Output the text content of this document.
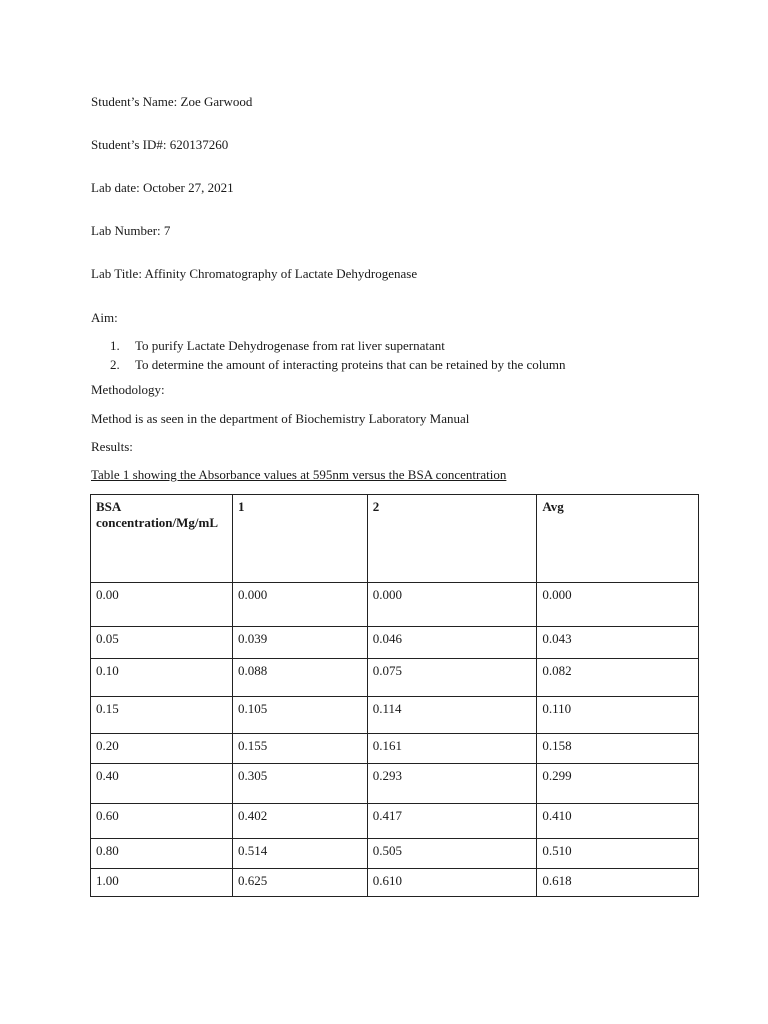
Student’s Name: Zoe Garwood
Student’s ID#: 620137260
Lab date: October 27, 2021
Lab Number: 7
Lab Title: Affinity Chromatography of Lactate Dehydrogenase
Aim:
1.	To purify Lactate Dehydrogenase from rat liver supernatant
2.	To determine the amount of interacting proteins that can be retained by the column
Methodology:
Method is as seen in the department of Biochemistry Laboratory Manual
Results:
Table 1 showing the Absorbance values at 595nm versus the BSA concentration
BSA concentration/Mg/mL	1	2	Avg
0.00	0.000	0.000	0.000
0.05	0.039	0.046	0.043
0.10	0.088	0.075	0.082
0.15	0.105	0.114	0.110
0.20	0.155	0.161	0.158
0.40	0.305	0.293	0.299
0.60	0.402	0.417	0.410
0.80	0.514	0.505	0.510
1.00	0.625	0.610	0.618
